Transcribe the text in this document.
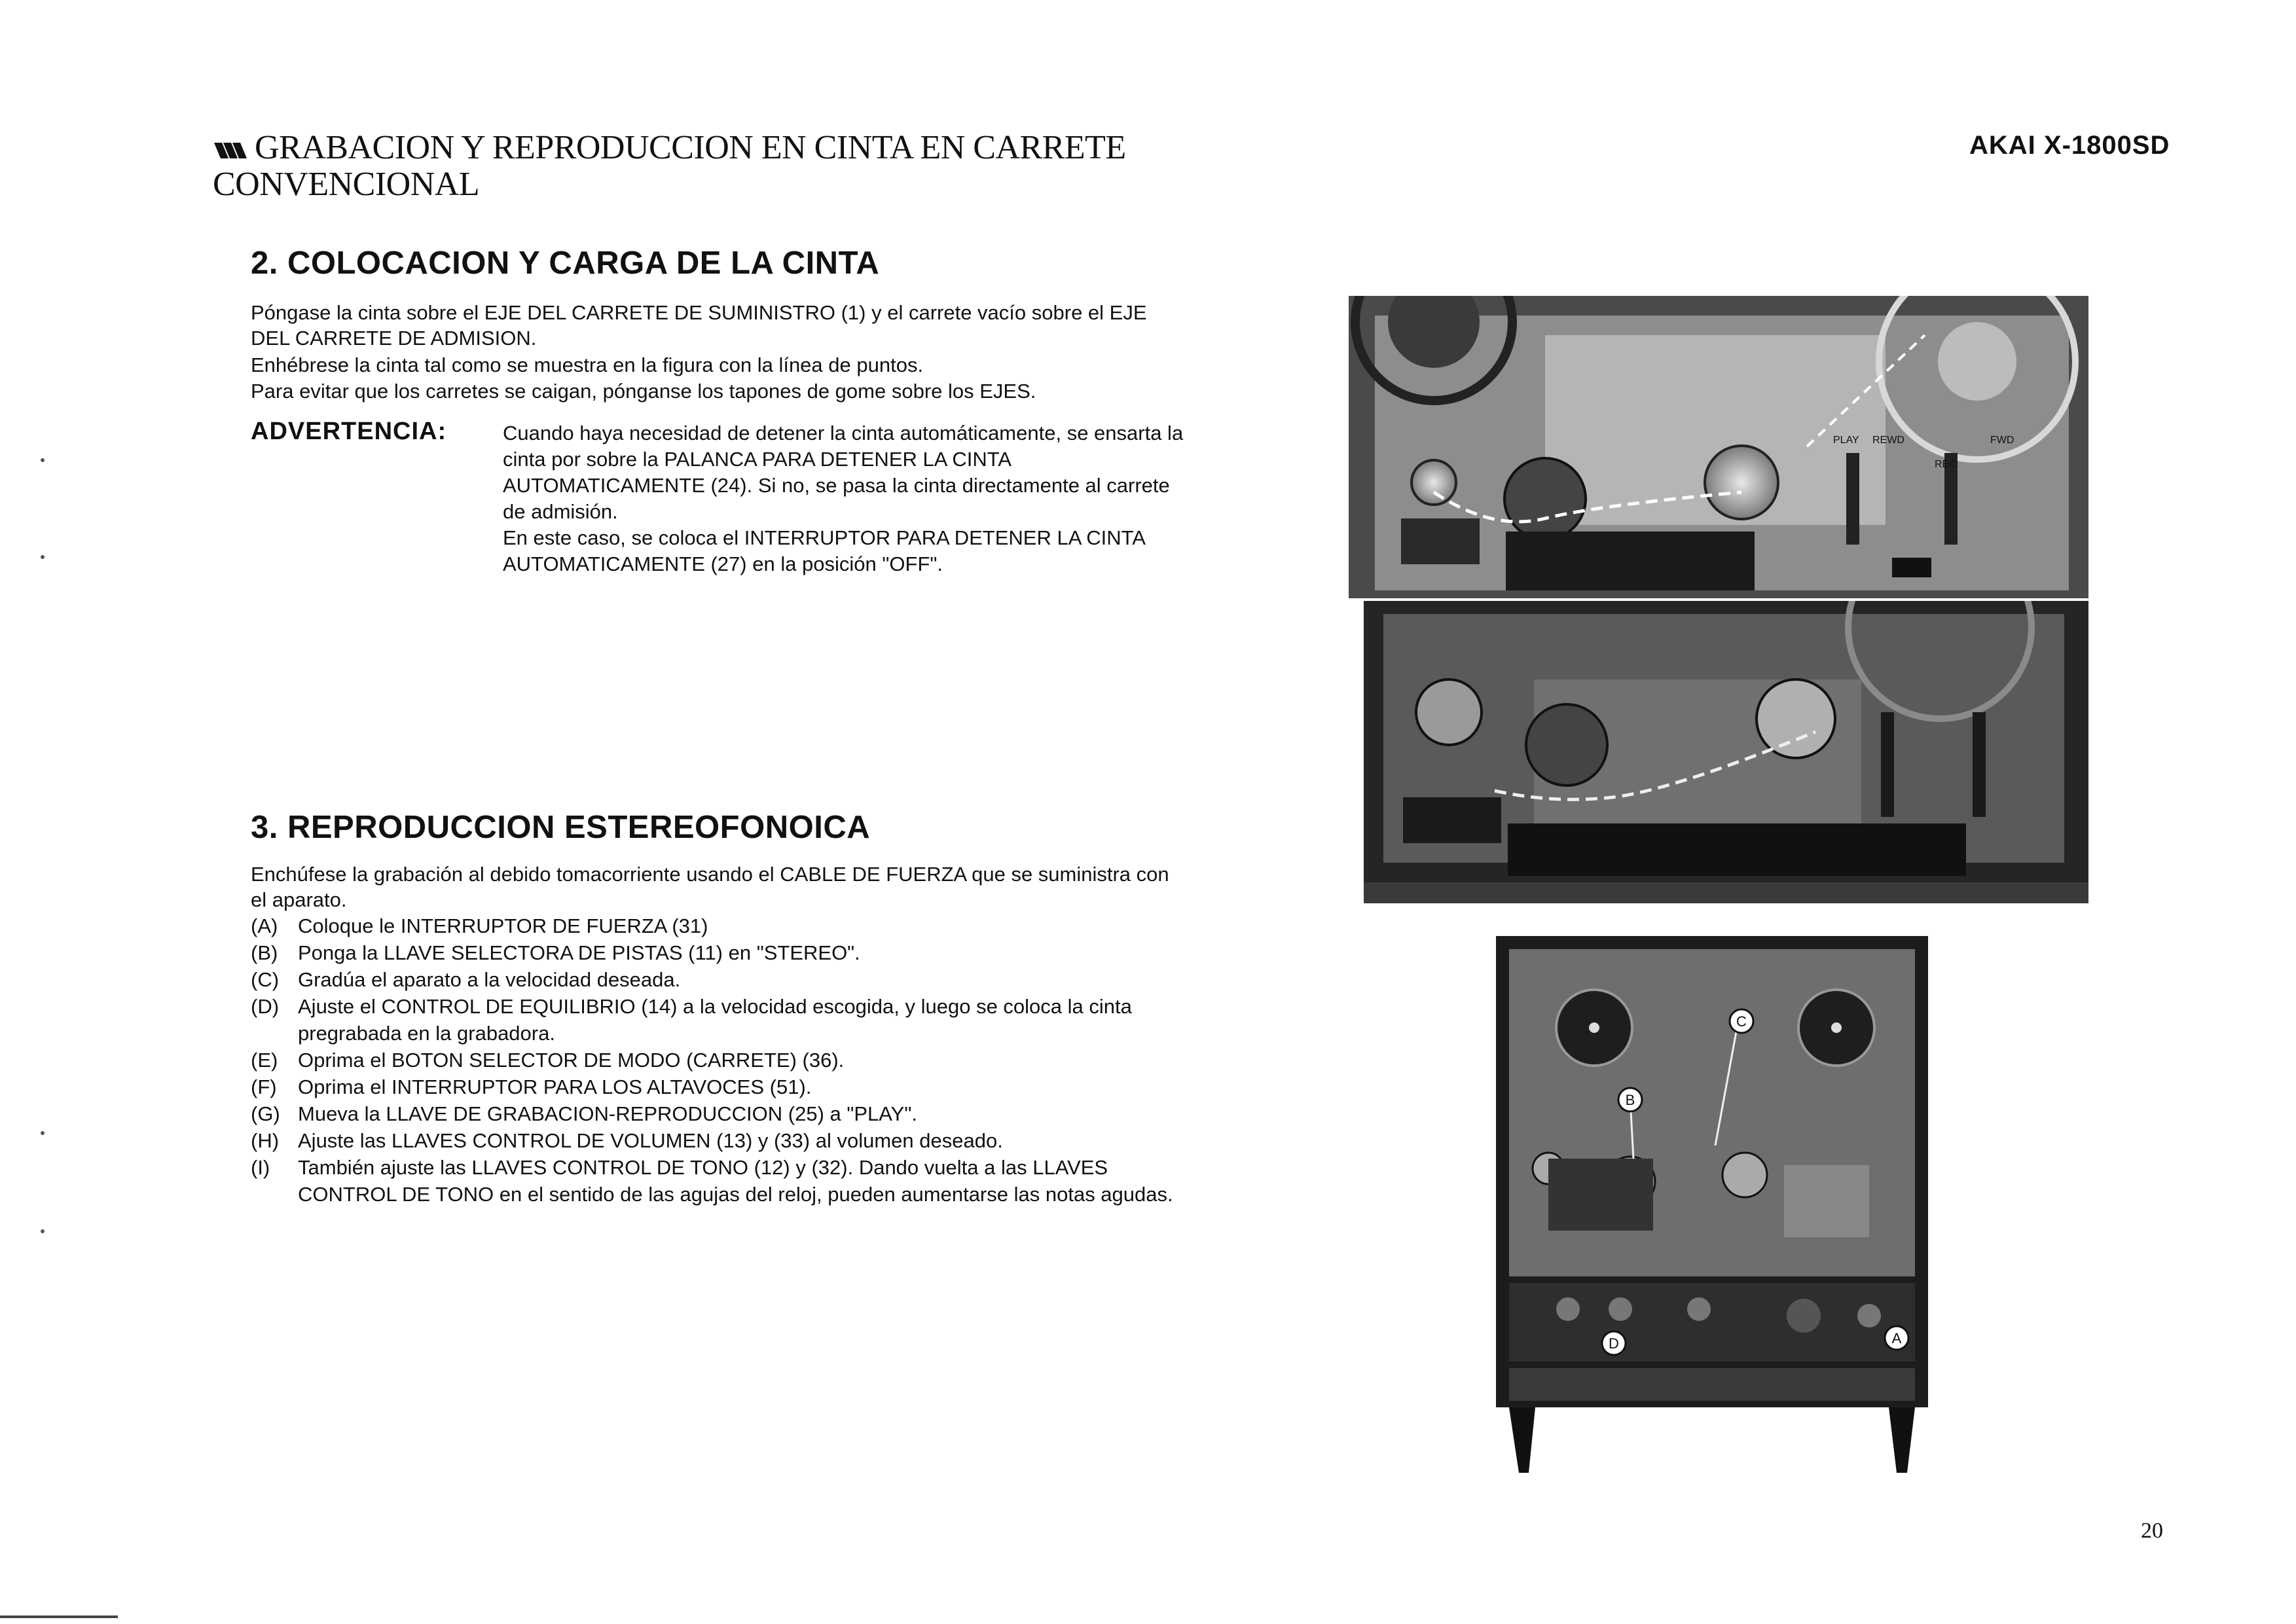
GRABACION Y REPRODUCCION EN CINTA EN CARRETE
CONVENCIONAL
AKAI X-1800SD
2. COLOCACION Y CARGA DE LA CINTA
Póngase la cinta sobre el EJE DEL CARRETE DE SUMINISTRO (1) y el carrete vacío sobre el EJE DEL CARRETE DE ADMISION.
Enhébrese la cinta tal como se muestra en la figura con la línea de puntos.
Para evitar que los carretes se caigan, pónganse los tapones de gome sobre los EJES.
ADVERTENCIA:	Cuando haya necesidad de detener la cinta automáticamente, se ensarta la cinta por sobre la PALANCA PARA DETENER LA CINTA AUTOMATICAMENTE (24). Si no, se pasa la cinta directamente al carrete de admisión.
En este caso, se coloca el INTERRUPTOR PARA DETENER LA CINTA AUTOMATICAMENTE (27) en la posición "OFF".
3. REPRODUCCION ESTEREOFONOICA
Enchúfese la grabación al debido tomacorriente usando el CABLE DE FUERZA que se suministra con el aparato.
(A) Coloque le INTERRUPTOR DE FUERZA (31)
(B) Ponga la LLAVE SELECTORA DE PISTAS (11) en "STEREO".
(C) Gradúa el aparato a la velocidad deseada.
(D) Ajuste el CONTROL DE EQUILIBRIO (14) a la velocidad escogida, y luego se coloca la cinta pregrabada en la grabadora.
(E) Oprima el BOTON SELECTOR DE MODO (CARRETE) (36).
(F) Oprima el INTERRUPTOR PARA LOS ALTAVOCES (51).
(G) Mueva la LLAVE DE GRABACION-REPRODUCCION (25) a "PLAY".
(H) Ajuste las LLAVES CONTROL DE VOLUMEN (13) y (33) al volumen deseado.
(I) También ajuste las LLAVES CONTROL DE TONO (12) y (32). Dando vuelta a las LLAVES CONTROL DE TONO en el sentido de las agujas del reloj, pueden aumentarse las notas agudas.
PLAY REWD	FWD
REC
C
B
D	A
20
